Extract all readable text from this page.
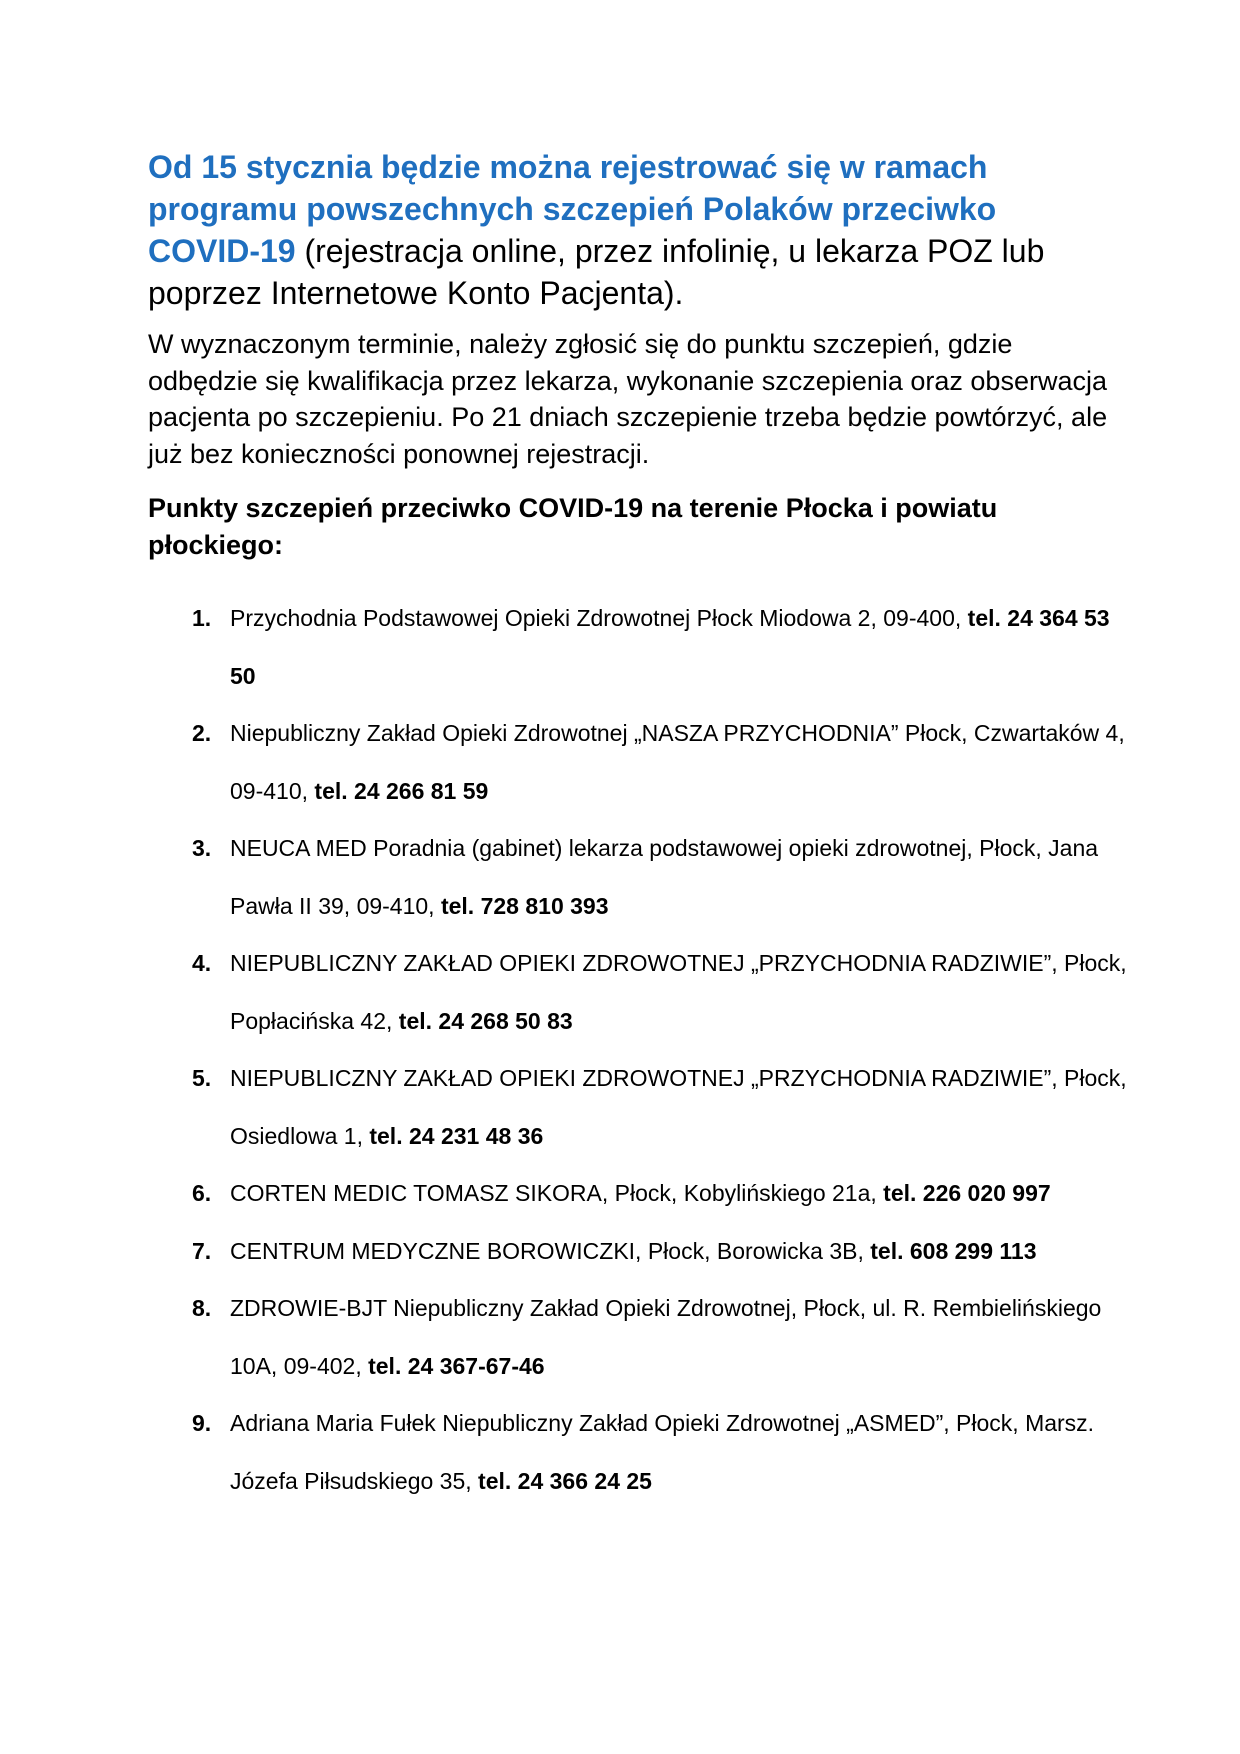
Od 15 stycznia będzie można rejestrować się w ramach programu powszechnych szczepień Polaków przeciwko COVID-19 (rejestracja online, przez infolinię, u lekarza POZ lub poprzez Internetowe Konto Pacjenta).

W wyznaczonym terminie, należy zgłosić się do punktu szczepień, gdzie odbędzie się kwalifikacja przez lekarza, wykonanie szczepienia oraz obserwacja pacjenta po szczepieniu. Po 21 dniach szczepienie trzeba będzie powtórzyć, ale już bez konieczności ponownej rejestracji.

Punkty szczepień przeciwko COVID-19 na terenie Płocka i powiatu płockiego:

1. Przychodnia Podstawowej Opieki Zdrowotnej Płock Miodowa 2, 09-400, tel. 24 364 53 50
2. Niepubliczny Zakład Opieki Zdrowotnej „NASZA PRZYCHODNIA” Płock, Czwartaków 4, 09-410, tel. 24 266 81 59
3. NEUCA MED Poradnia (gabinet) lekarza podstawowej opieki zdrowotnej, Płock, Jana Pawła II 39, 09-410, tel. 728 810 393
4. NIEPUBLICZNY ZAKŁAD OPIEKI ZDROWOTNEJ „PRZYCHODNIA RADZIWIE”, Płock, Popłacińska 42, tel. 24 268 50 83
5. NIEPUBLICZNY ZAKŁAD OPIEKI ZDROWOTNEJ „PRZYCHODNIA RADZIWIE”, Płock, Osiedlowa 1, tel. 24 231 48 36
6. CORTEN MEDIC TOMASZ SIKORA, Płock, Kobylińskiego 21a, tel. 226 020 997
7. CENTRUM MEDYCZNE BOROWICZKI, Płock, Borowicka 3B, tel. 608 299 113
8. ZDROWIE-BJT Niepubliczny Zakład Opieki Zdrowotnej, Płock, ul. R. Rembielińskiego 10A, 09-402, tel. 24 367-67-46
9. Adriana Maria Fułek Niepubliczny Zakład Opieki Zdrowotnej „ASMED”, Płock, Marsz. Józefa Piłsudskiego 35, tel. 24 366 24 25
